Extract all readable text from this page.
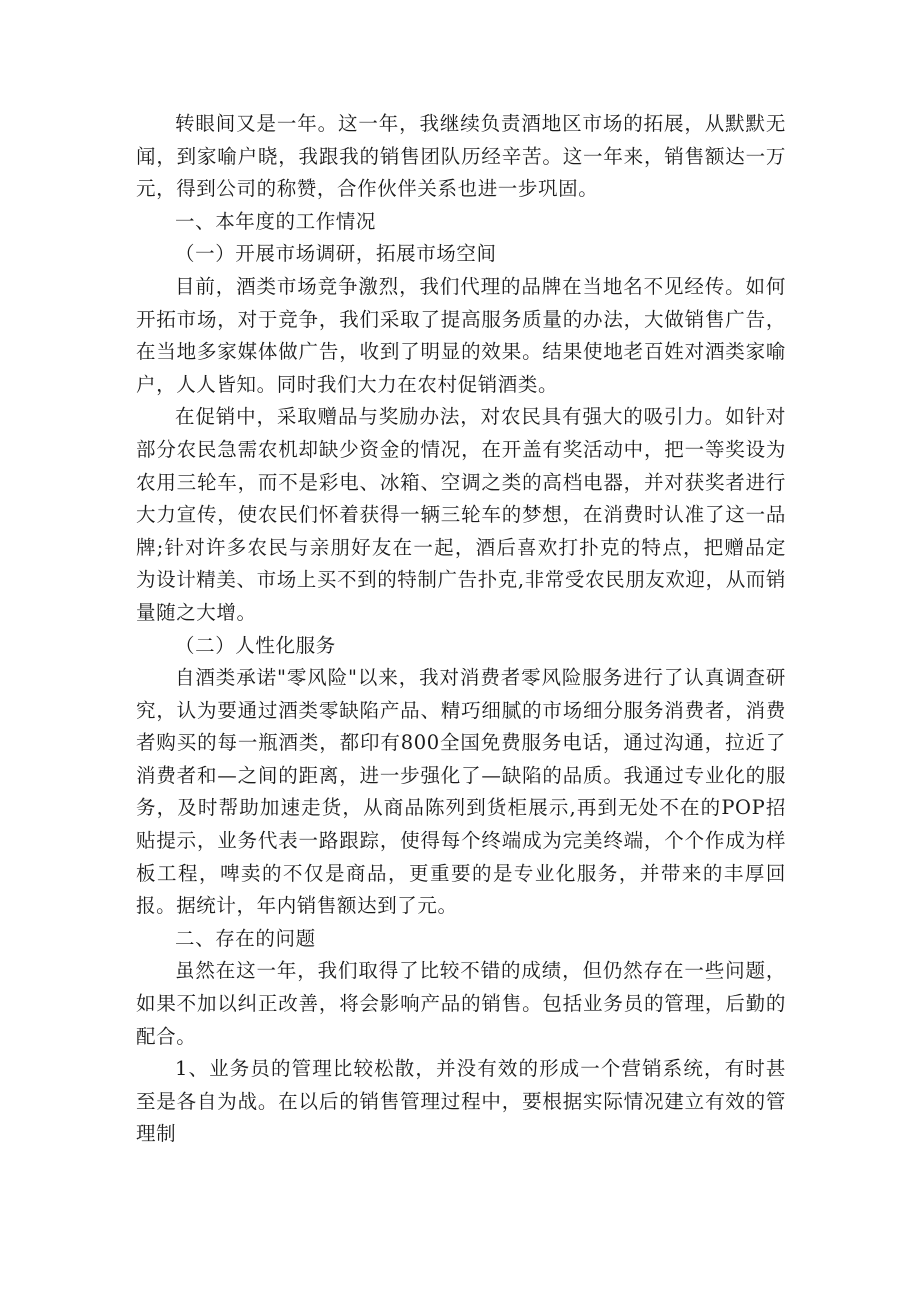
转眼间又是一年。这一年，我继续负责酒地区市场的拓展，从默默无闻，到家喻户晓，我跟我的销售团队历经辛苦。这一年来，销售额达一万元，得到公司的称赞，合作伙伴关系也进一步巩固。

一、本年度的工作情况

（一）开展市场调研，拓展市场空间

目前，酒类市场竞争激烈，我们代理的品牌在当地名不见经传。如何开拓市场，对于竞争，我们采取了提高服务质量的办法，大做销售广告，在当地多家媒体做广告，收到了明显的效果。结果使地老百姓对酒类家喻户，人人皆知。同时我们大力在农村促销酒类。

在促销中，采取赠品与奖励办法，对农民具有强大的吸引力。如针对部分农民急需农机却缺少资金的情况，在开盖有奖活动中，把一等奖设为农用三轮车，而不是彩电、冰箱、空调之类的高档电器，并对获奖者进行大力宣传，使农民们怀着获得一辆三轮车的梦想，在消费时认准了这一品牌;针对许多农民与亲朋好友在一起，酒后喜欢打扑克的特点，把赠品定为设计精美、市场上买不到的特制广告扑克,非常受农民朋友欢迎，从而销量随之大增。

（二）人性化服务

自酒类承诺"零风险"以来，我对消费者零风险服务进行了认真调查研究，认为要通过酒类零缺陷产品、精巧细腻的市场细分服务消费者，消费者购买的每一瓶酒类，都印有800全国免费服务电话，通过沟通，拉近了消费者和—之间的距离，进一步强化了—缺陷的品质。我通过专业化的服务，及时帮助加速走货，从商品陈列到货柜展示,再到无处不在的POP招贴提示，业务代表一路跟踪，使得每个终端成为完美终端，个个作成为样板工程，啤卖的不仅是商品，更重要的是专业化服务，并带来的丰厚回报。据统计，年内销售额达到了元。

二、存在的问题

虽然在这一年，我们取得了比较不错的成绩，但仍然存在一些问题，如果不加以纠正改善，将会影响产品的销售。包括业务员的管理，后勤的配合。

1、业务员的管理比较松散，并没有效的形成一个营销系统，有时甚至是各自为战。在以后的销售管理过程中，要根据实际情况建立有效的管理制
